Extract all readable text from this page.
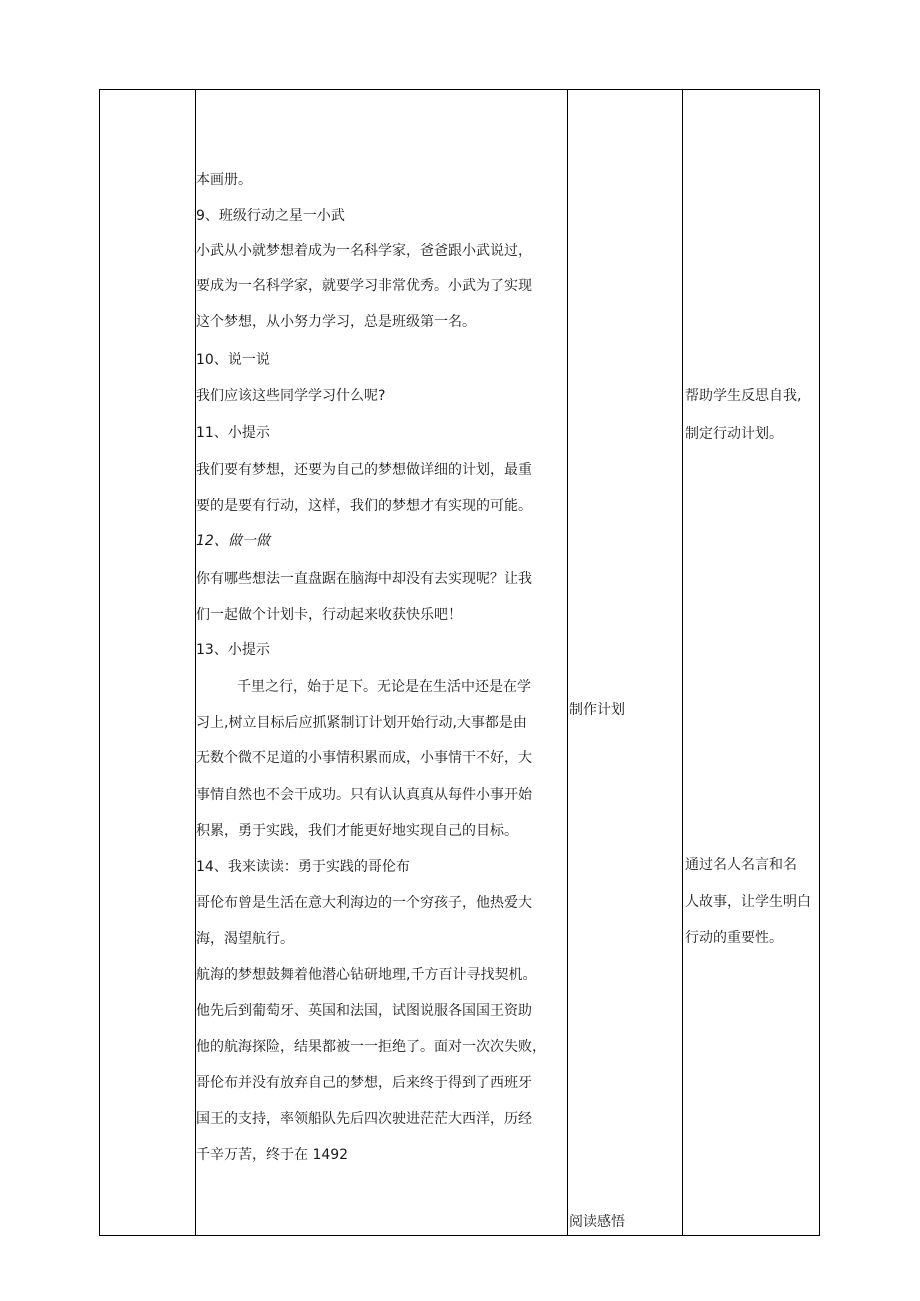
本画册。
9、班级行动之星一小武
小武从小就梦想着成为一名科学家，爸爸跟小武说过，
要成为一名科学家，就要学习非常优秀。小武为了实现
这个梦想，从小努力学习，总是班级第一名。
10、说一说
我们应该这些同学学习什么呢?
11、小提示
我们要有梦想，还要为自己的梦想做详细的计划，最重
要的是要有行动，这样，我们的梦想才有实现的可能。
12、做一做
你有哪些想法一直盘踞在脑海中却没有去实现呢？让我
们一起做个计划卡，行动起来收获快乐吧！
13、小提示
千里之行，始于足下。无论是在生活中还是在学
习上,树立目标后应抓紧制订计划开始行动,大事都是由
无数个微不足道的小事情积累而成，小事情干不好，大
事情自然也不会干成功。只有认认真真从每件小事开始
积累，勇于实践，我们才能更好地实现自己的目标。
14、我来读读：勇于实践的哥伦布
哥伦布曾是生活在意大利海边的一个穷孩子，他热爱大
海，渴望航行。
航海的梦想鼓舞着他潜心钻研地理,千方百计寻找契机。
他先后到葡萄牙、英国和法国，试图说服各国国王资助
他的航海探险，结果都被一一拒绝了。面对一次次失败，
哥伦布并没有放弃自己的梦想，后来终于得到了西班牙
国王的支持，率领船队先后四次驶进茫茫大西洋，历经
千辛万苦，终于在 1492
制作计划
阅读感悟
帮助学生反思自我,
制定行动计划。
通过名人名言和名
人故事，让学生明白
行动的重要性。
